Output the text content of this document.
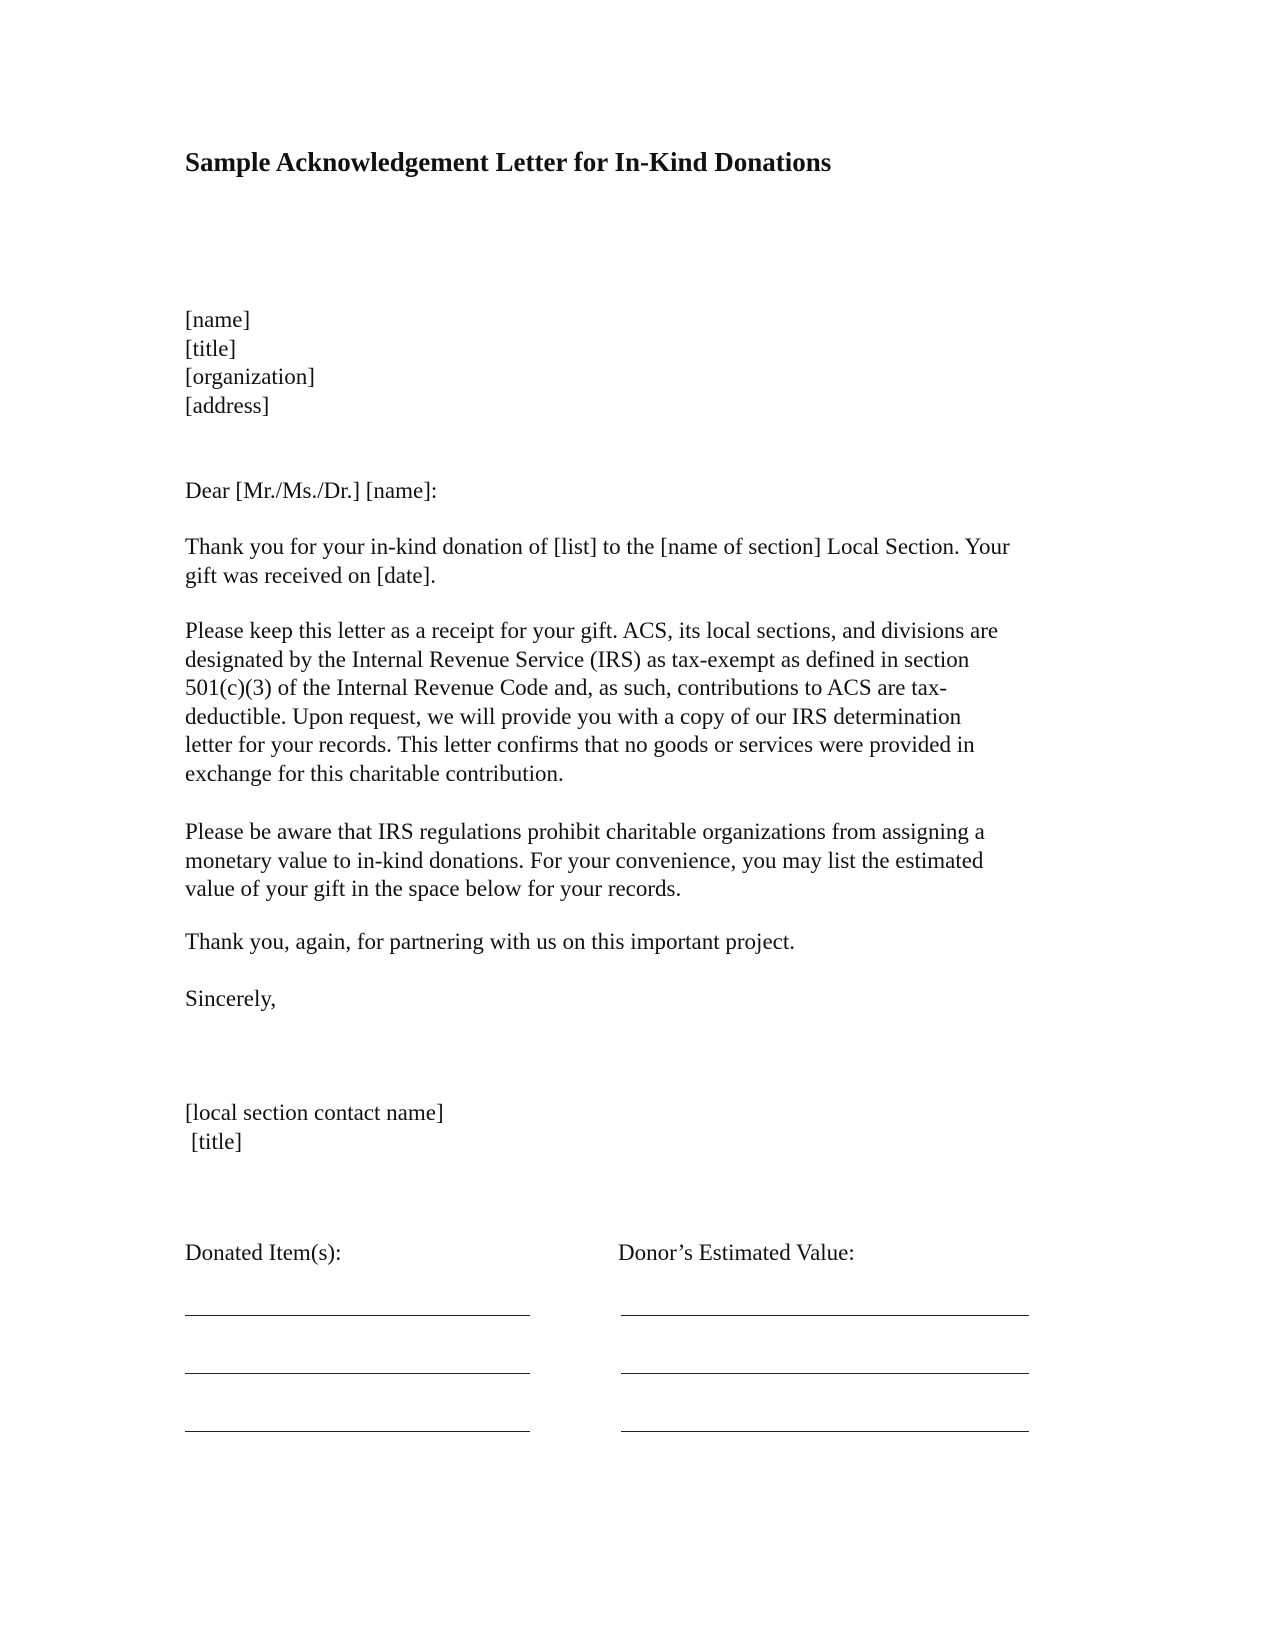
Sample Acknowledgement Letter for In-Kind Donations
[name]
[title]
[organization]
[address]
Dear [Mr./Ms./Dr.] [name]:
Thank you for your in-kind donation of [list] to the [name of section] Local Section. Your
gift was received on [date].
Please keep this letter as a receipt for your gift. ACS, its local sections, and divisions are
designated by the Internal Revenue Service (IRS) as tax-exempt as defined in section
501(c)(3) of the Internal Revenue Code and, as such, contributions to ACS are tax-
deductible. Upon request, we will provide you with a copy of our IRS determination
letter for your records. This letter confirms that no goods or services were provided in
exchange for this charitable contribution.
Please be aware that IRS regulations prohibit charitable organizations from assigning a
monetary value to in-kind donations. For your convenience, you may list the estimated
value of your gift in the space below for your records.
Thank you, again, for partnering with us on this important project.
Sincerely,
[local section contact name]
[title]
Donated Item(s):	Donor’s Estimated Value:
